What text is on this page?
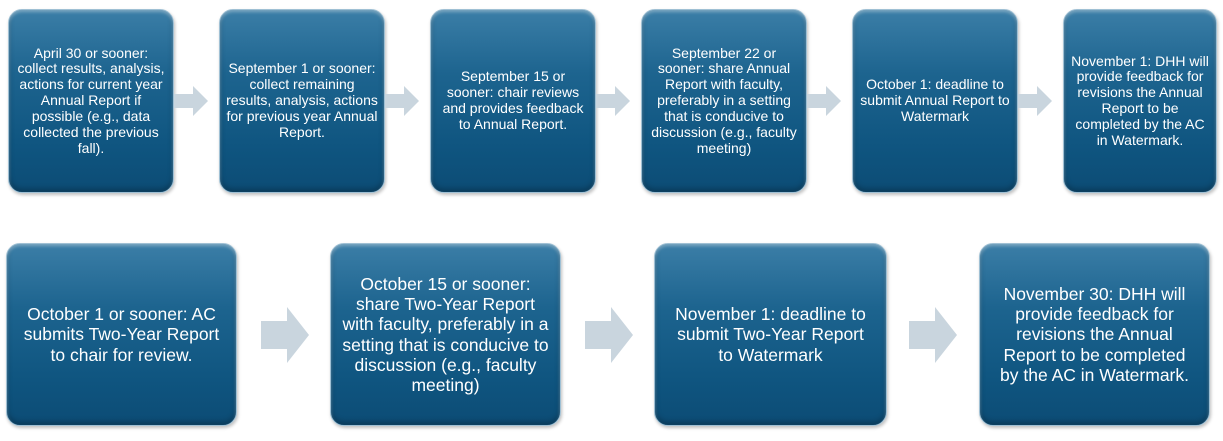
April 30 or sooner: collect results, analysis, actions for current year Annual Report if possible (e.g., data collected the previous fall).
September 1 or sooner: collect remaining results, analysis, actions for previous year Annual Report.
September 15 or sooner: chair reviews and provides feedback to Annual Report.
September 22 or sooner: share Annual Report with faculty, preferably in a setting that is conducive to discussion (e.g., faculty meeting)
October 1: deadline to submit Annual Report to Watermark
November 1: DHH will provide feedback for revisions the Annual Report to be completed by the AC in Watermark.
October 1 or sooner: AC submits Two-Year Report to chair for review.
October 15 or sooner: share Two-Year Report with faculty, preferably in a setting that is conducive to discussion (e.g., faculty meeting)
November 1: deadline to submit Two-Year Report to Watermark
November 30: DHH will provide feedback for revisions the Annual Report to be completed by the AC in Watermark.
